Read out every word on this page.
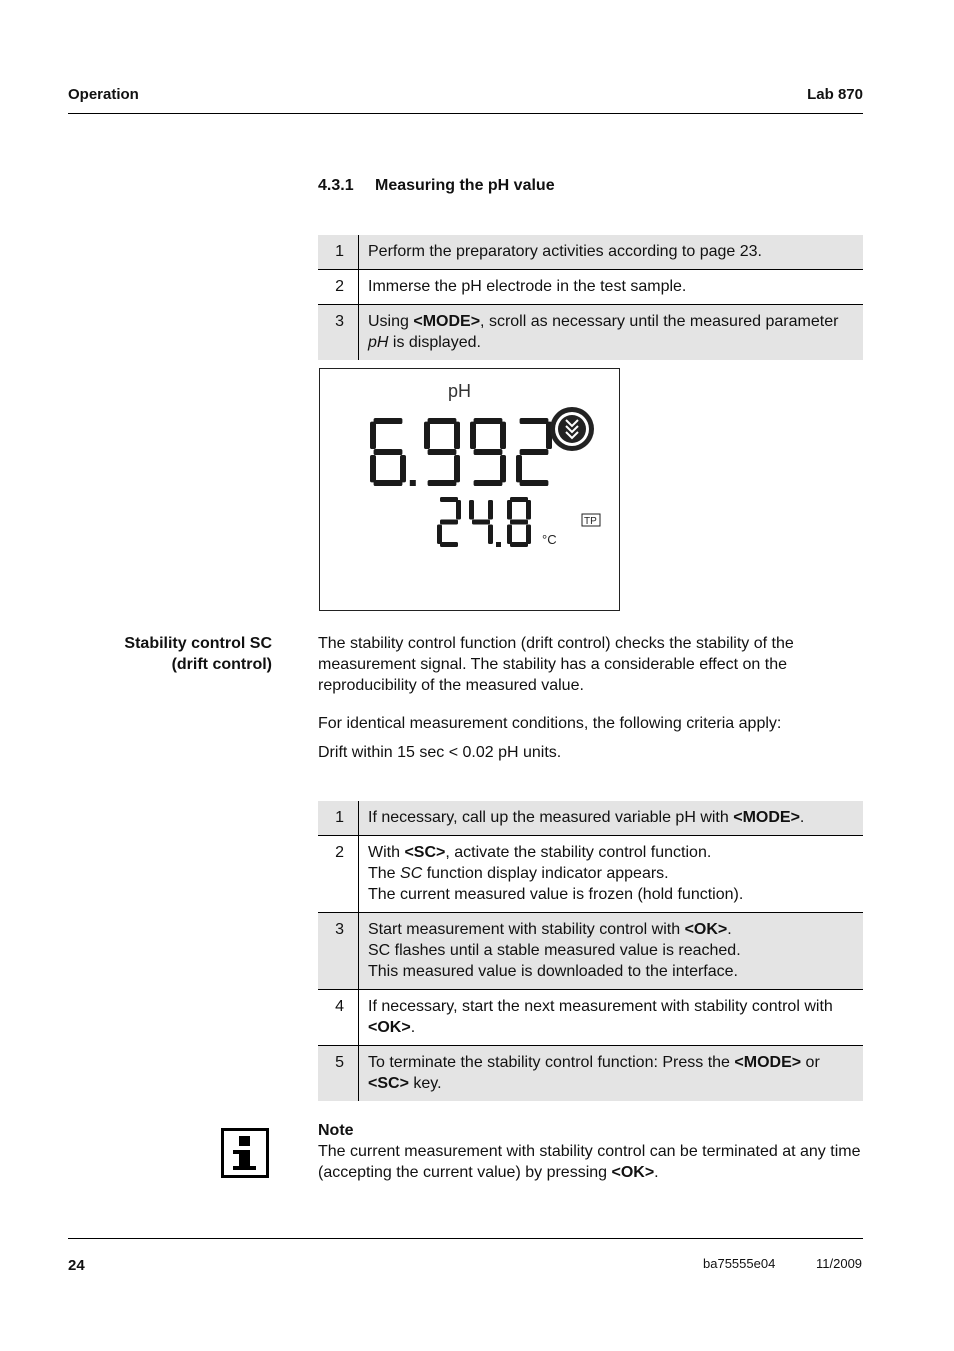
Operation	Lab 870
4.3.1 Measuring the pH value
1	Perform the preparatory activities according to page 23.
2	Immerse the pH electrode in the test sample.
3	Using <MODE>, scroll as necessary until the measured parameter pH is displayed.
pH
°C
TP
Stability control SC
(drift control)
The stability control function (drift control) checks the stability of the measurement signal. The stability has a considerable effect on the reproducibility of the measured value.
For identical measurement conditions, the following criteria apply:
Drift within 15 sec < 0.02 pH units.
1	If necessary, call up the measured variable pH with <MODE>.
2	With <SC>, activate the stability control function.
The SC function display indicator appears.
The current measured value is frozen (hold function).
3	Start measurement with stability control with <OK>.
SC flashes until a stable measured value is reached.
This measured value is downloaded to the interface.
4	If necessary, start the next measurement with stability control with <OK>.
5	To terminate the stability control function: Press the <MODE> or <SC> key.
Note
The current measurement with stability control can be terminated at any time (accepting the current value) by pressing <OK>.
24	ba75555e04	11/2009
